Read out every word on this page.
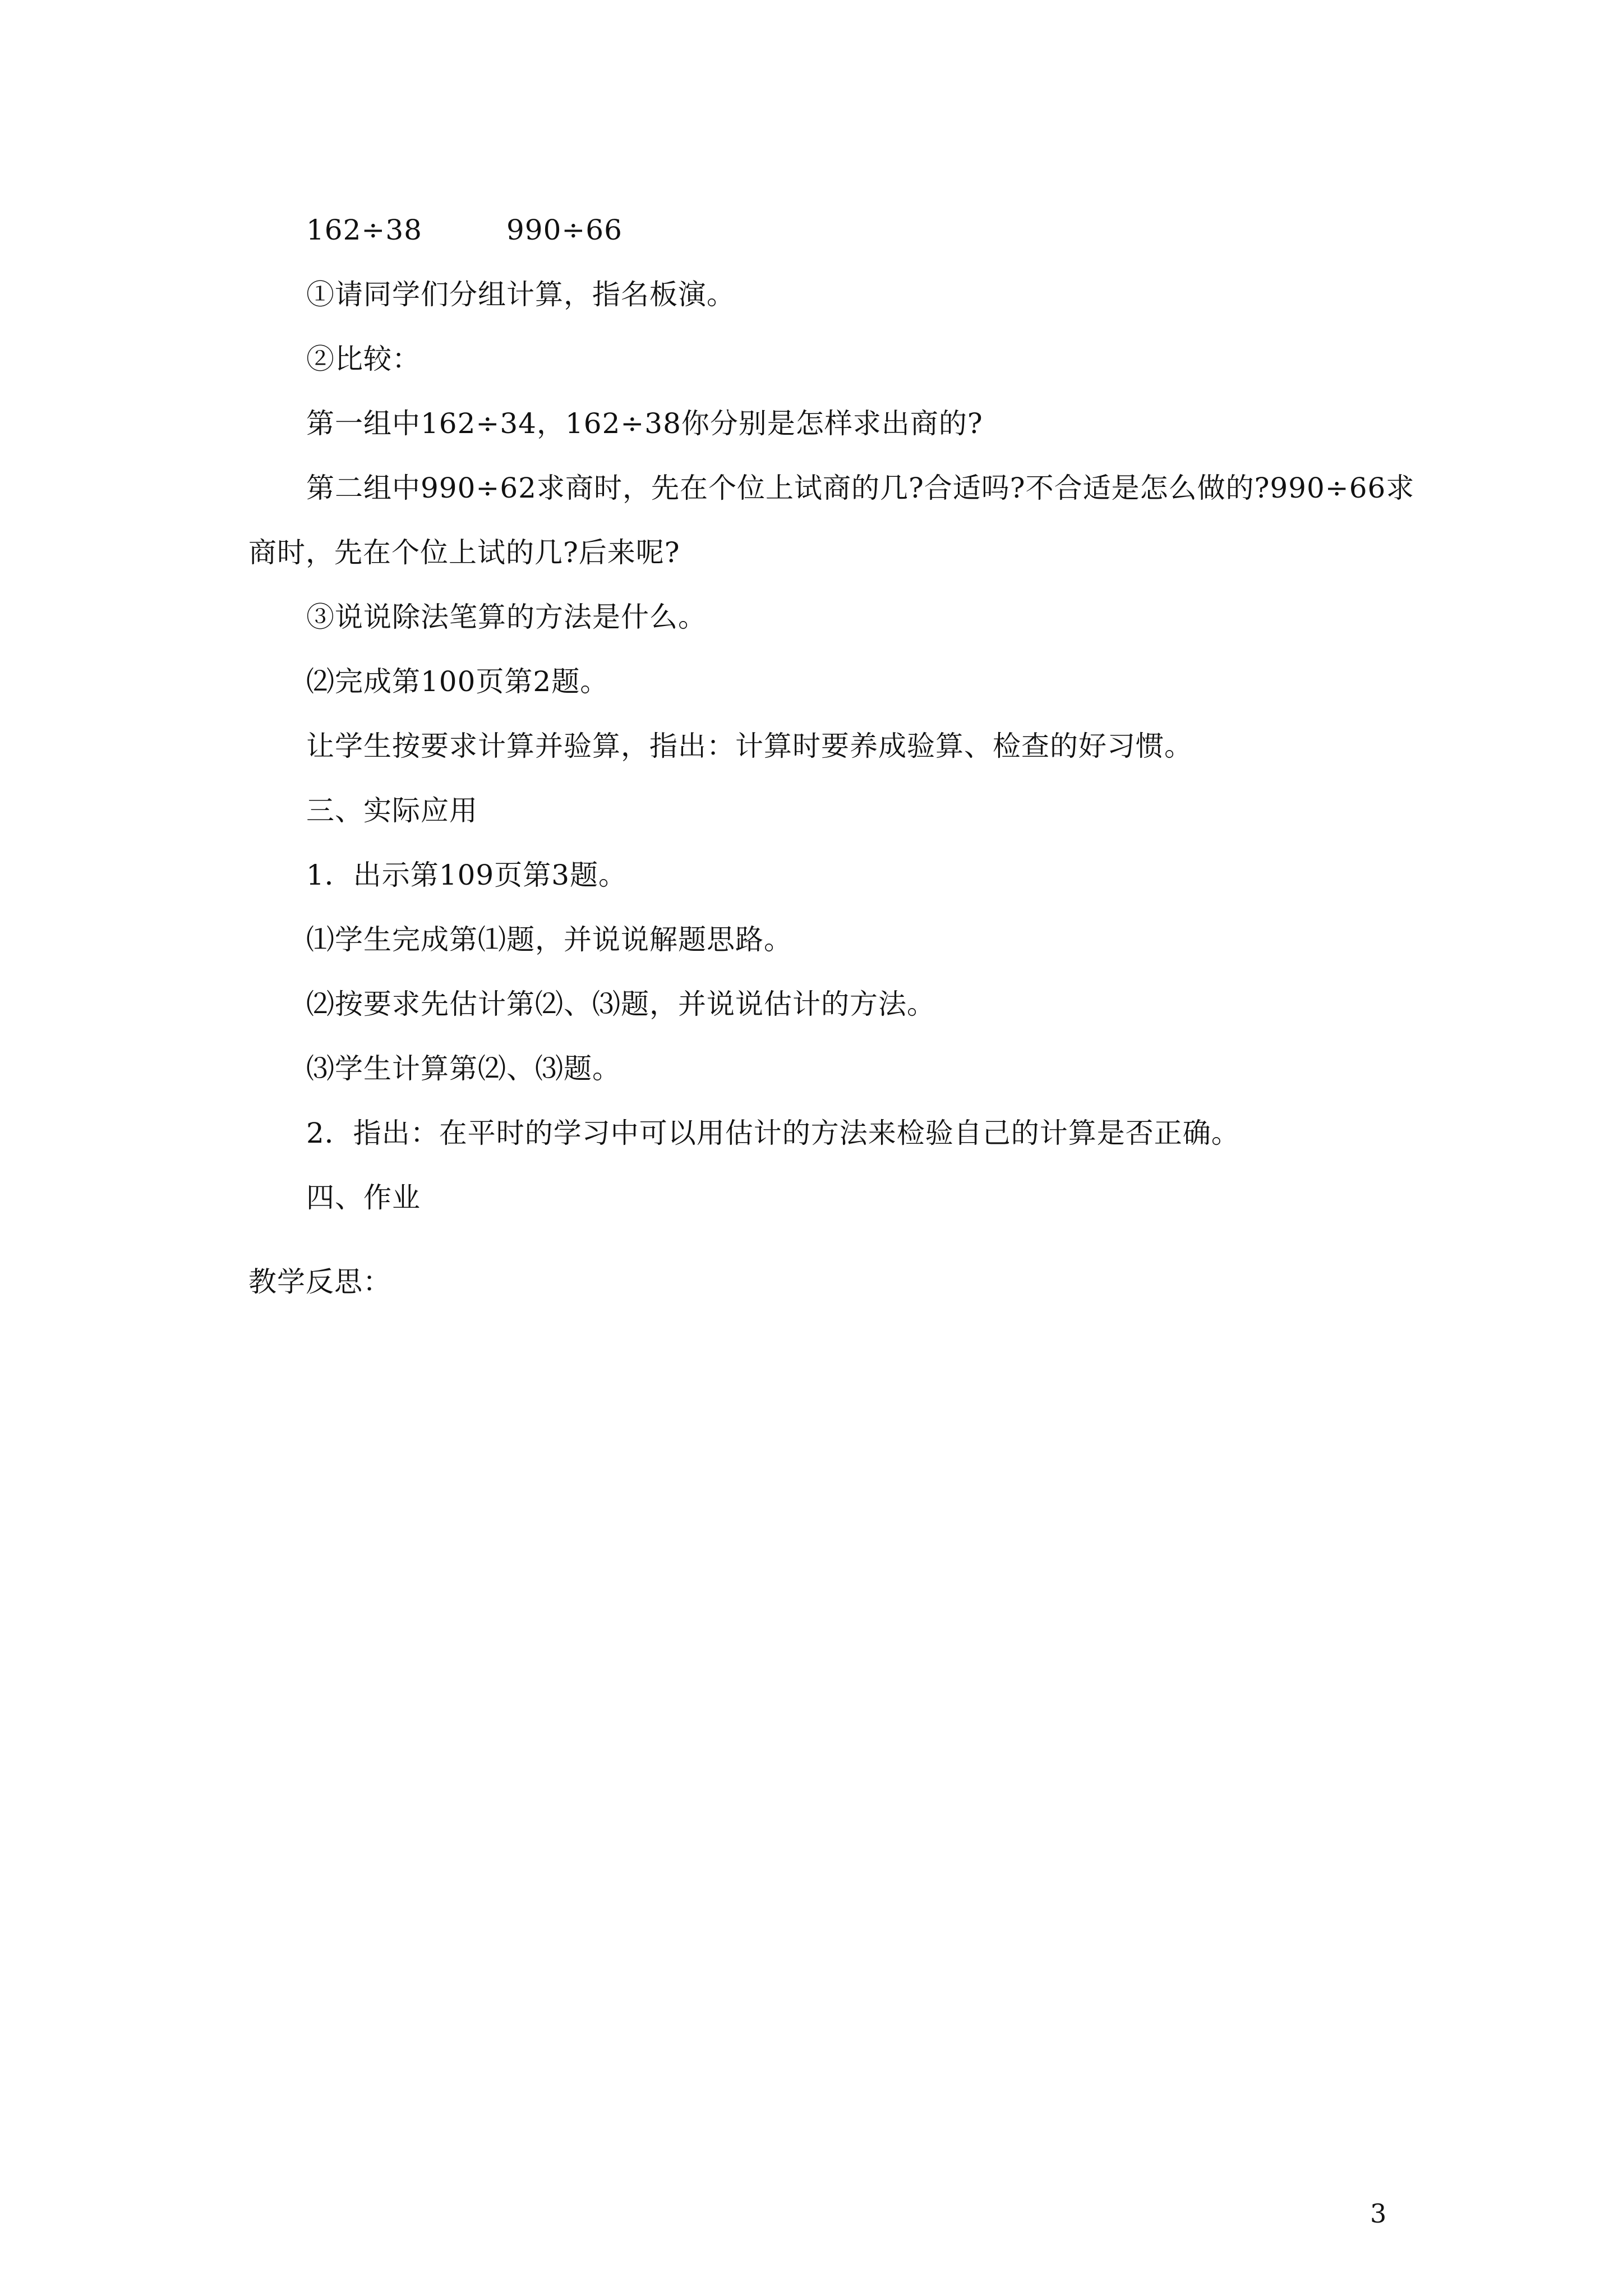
162÷38	990÷66
①请同学们分组计算，指名板演。
②比较：
第一组中162÷34，162÷38你分别是怎样求出商的?
第二组中990÷62求商时，先在个位上试商的几?合适吗?不合适是怎么做的?990÷66求
商时，先在个位上试的几?后来呢?
③说说除法笔算的方法是什么。
⑵完成第100页第2题。
让学生按要求计算并验算，指出：计算时要养成验算、检查的好习惯。
三、实际应用
1．出示第109页第3题。
⑴学生完成第⑴题，并说说解题思路。
⑵按要求先估计第⑵、⑶题，并说说估计的方法。
⑶学生计算第⑵、⑶题。
2．指出：在平时的学习中可以用估计的方法来检验自己的计算是否正确。
四、作业
教学反思：
3
